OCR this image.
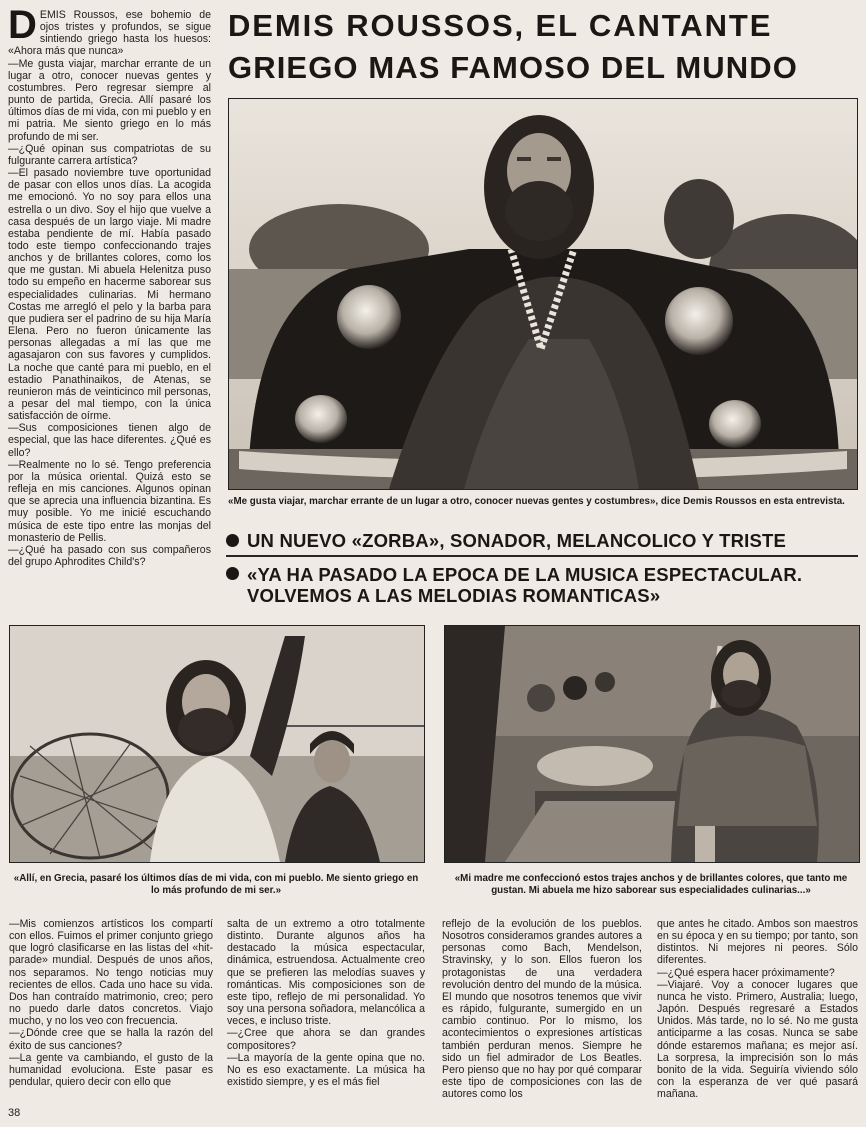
DEMIS ROUSSOS, EL CANTANTE
GRIEGO MAS FAMOSO DEL MUNDO
D EMIS Roussos, ese bohemio de ojos tristes y profundos, se sigue sintiendo griego hasta los huesos: «Ahora más que nunca»

—Me gusta viajar, marchar errante de un lugar a otro, conocer nuevas gentes y costumbres. Pero regresar siempre al punto de partida, Grecia. Allí pasaré los últimos días de mi vida, con mi pueblo y en mi patria. Me siento griego en lo más profundo de mi ser.

—¿Qué opinan sus compatriotas de su fulgurante carrera artística?

—El pasado noviembre tuve oportunidad de pasar con ellos unos días. La acogida me emocionó. Yo no soy para ellos una estrella o un divo. Soy el hijo que vuelve a casa después de un largo viaje. Mi madre estaba pendiente de mí. Había pasado todo este tiempo confeccionando trajes anchos y de brillantes colores, como los que me gustan. Mi abuela Helenitza puso todo su empeño en hacerme saborear sus especialidades culinarias. Mi hermano Costas me arregló el pelo y la barba para que pudiera ser el padrino de su hija María Elena. Pero no fueron únicamente las personas allegadas a mí las que me agasajaron con sus favores y cumplidos. La noche que canté para mi pueblo, en el estadio Panathinaikos, de Atenas, se reunieron más de veinticinco mil personas, a pesar del mal tiempo, con la única satisfacción de oírme.

—Sus composiciones tienen algo de especial, que las hace diferentes. ¿Qué es ello?

—Realmente no lo sé. Tengo preferencia por la música oriental. Quizá esto se refleja en mis canciones. Algunos opinan que se aprecia una influencia bizantina. Es muy posible. Yo me inicié escuchando música de este tipo entre las monjas del monasterio de Pellis.

—¿Qué ha pasado con sus compañeros del grupo Aphrodites Child's?

«Me gusta viajar, marchar errante de un lugar a otro, conocer nuevas gentes y costumbres», dice Demis Roussos en esta entrevista.

UN NUEVO «ZORBA», SONADOR, MELANCOLICO Y TRISTE
«YA HA PASADO LA EPOCA DE LA MUSICA ESPECTACULAR.
VOLVEMOS A LAS MELODIAS ROMANTICAS»

«Allí, en Grecia, pasaré los últimos días de mi vida, con mi pueblo. Me siento griego en lo más profundo de mi ser.»

«Mi madre me confeccionó estos trajes anchos y de brillantes colores, que tanto me gustan. Mi abuela me hizo saborear sus especialidades culinarias...»

—Mis comienzos artísticos los compartí con ellos. Fuimos el primer conjunto griego que logró clasificarse en las listas del «hit-parade» mundial. Después de unos años, nos separamos. No tengo noticias muy recientes de ellos. Cada uno hace su vida. Dos han contraído matrimonio, creo; pero no puedo darle datos concretos. Viajo mucho, y no los veo con frecuencia.
—¿Dónde cree que se halla la razón del éxito de sus canciones?
—La gente va cambiando, el gusto de la humanidad evoluciona. Este pasar es pendular, quiero decir con ello que
salta de un extremo a otro totalmente distinto. Durante algunos años ha destacado la música espectacular, dinámica, estruendosa. Actualmente creo que se prefieren las melodías suaves y románticas. Mis composiciones son de este tipo, reflejo de mi personalidad. Yo soy una persona soñadora, melancólica a veces, e incluso triste.
—¿Cree que ahora se dan grandes compositores?
—La mayoría de la gente opina que no. No es eso exactamente. La música ha existido siempre, y es el más fiel
reflejo de la evolución de los pueblos. Nosotros consideramos grandes autores a personas como Bach, Mendelson, Stravinsky, y lo son. Ellos fueron los protagonistas de una verdadera revolución dentro del mundo de la música. El mundo que nosotros tenemos que vivir es rápido, fulgurante, sumergido en un cambio continuo. Por lo mismo, los acontecimientos o expresiones artísticas también perduran menos. Siempre he sido un fiel admirador de Los Beatles. Pero pienso que no hay por qué comparar este tipo de composiciones con las de autores como los
que antes he citado. Ambos son maestros en su época y en su tiempo; por tanto, son distintos. Ni mejores ni peores. Sólo diferentes.
—¿Qué espera hacer próximamente?
—Viajaré. Voy a conocer lugares que nunca he visto. Primero, Australia; luego, Japón. Después regresaré a Estados Unidos. Más tarde, no lo sé. No me gusta anticiparme a las cosas. Nunca se sabe dónde estaremos mañana; es mejor así. La sorpresa, la imprecisión son lo más bonito de la vida. Seguiría viviendo sólo con la esperanza de ver qué pasará mañana.
38
